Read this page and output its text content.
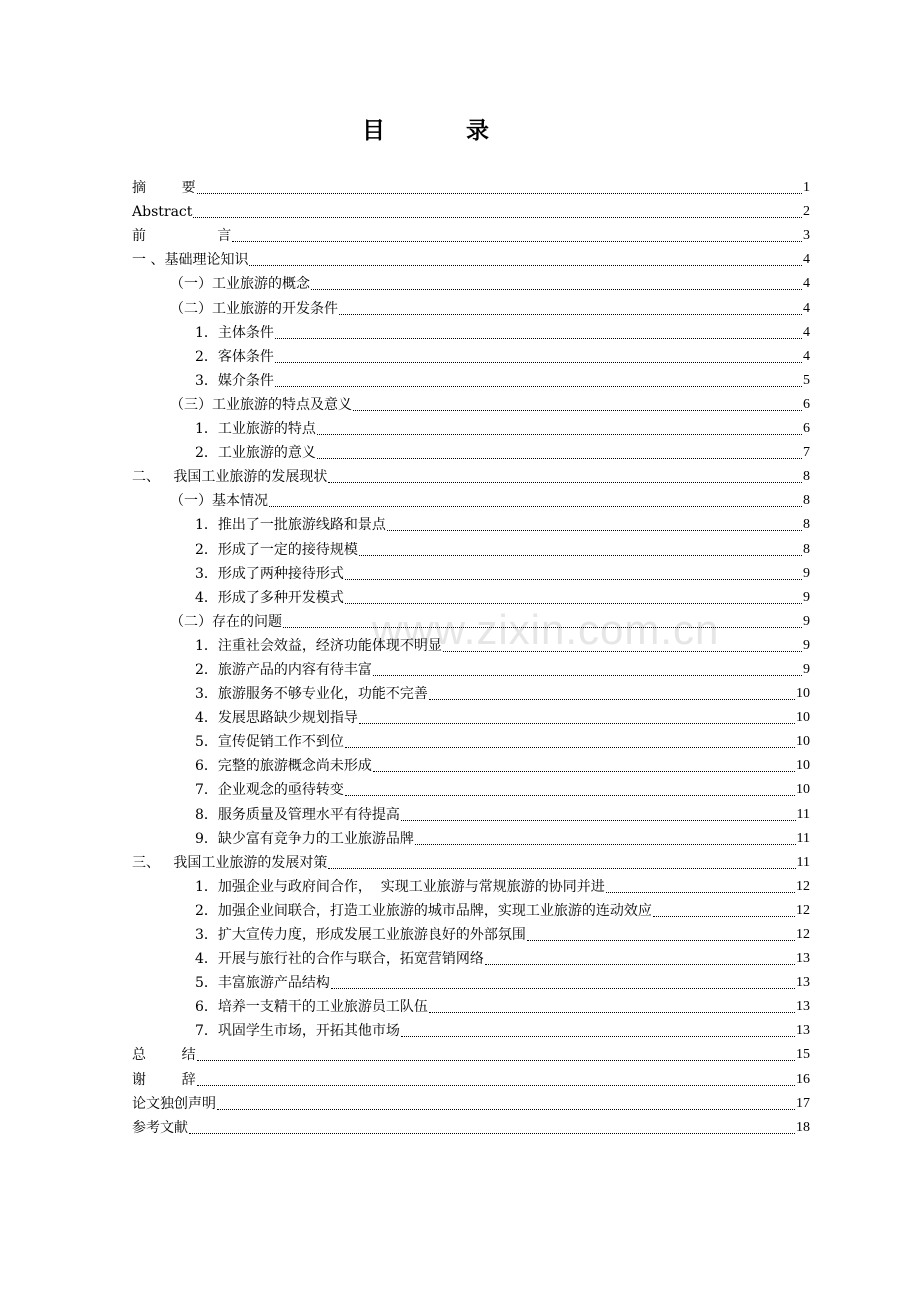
目	录
www.zixin.com.cn
摘        要	1
Abstract	2
前                言	3
一 、基础理论知识	4
（一）工业旅游的概念	4
（二）工业旅游的开发条件	4
1．主体条件	4
2．客体条件	4
3．媒介条件	5
（三）工业旅游的特点及意义	6
1．工业旅游的特点	6
2．工业旅游的意义	7
二、   我国工业旅游的发展现状	8
（一）基本情况	8
1．推出了一批旅游线路和景点	8
2．形成了一定的接待规模	8
3．形成了两种接待形式	9
4．形成了多种开发模式	9
（二）存在的问题	9
1．注重社会效益，经济功能体现不明显	9
2．旅游产品的内容有待丰富	9
3．旅游服务不够专业化，功能不完善	10
4．发展思路缺少规划指导	10
5．宣传促销工作不到位	10
6．完整的旅游概念尚未形成	10
7．企业观念的亟待转变	10
8．服务质量及管理水平有待提高	11
9．缺少富有竞争力的工业旅游品牌	11
三、   我国工业旅游的发展对策	11
1．加强企业与政府间合作，  实现工业旅游与常规旅游的协同并进	12
2．加强企业间联合，打造工业旅游的城市品牌，实现工业旅游的连动效应	12
3．扩大宣传力度，形成发展工业旅游良好的外部氛围	12
4．开展与旅行社的合作与联合，拓宽营销网络	13
5．丰富旅游产品结构	13
6．培养一支精干的工业旅游员工队伍	13
7．巩固学生市场，开拓其他市场	13
总        结	15
谢        辞	16
论文独创声明	17
参考文献	18
